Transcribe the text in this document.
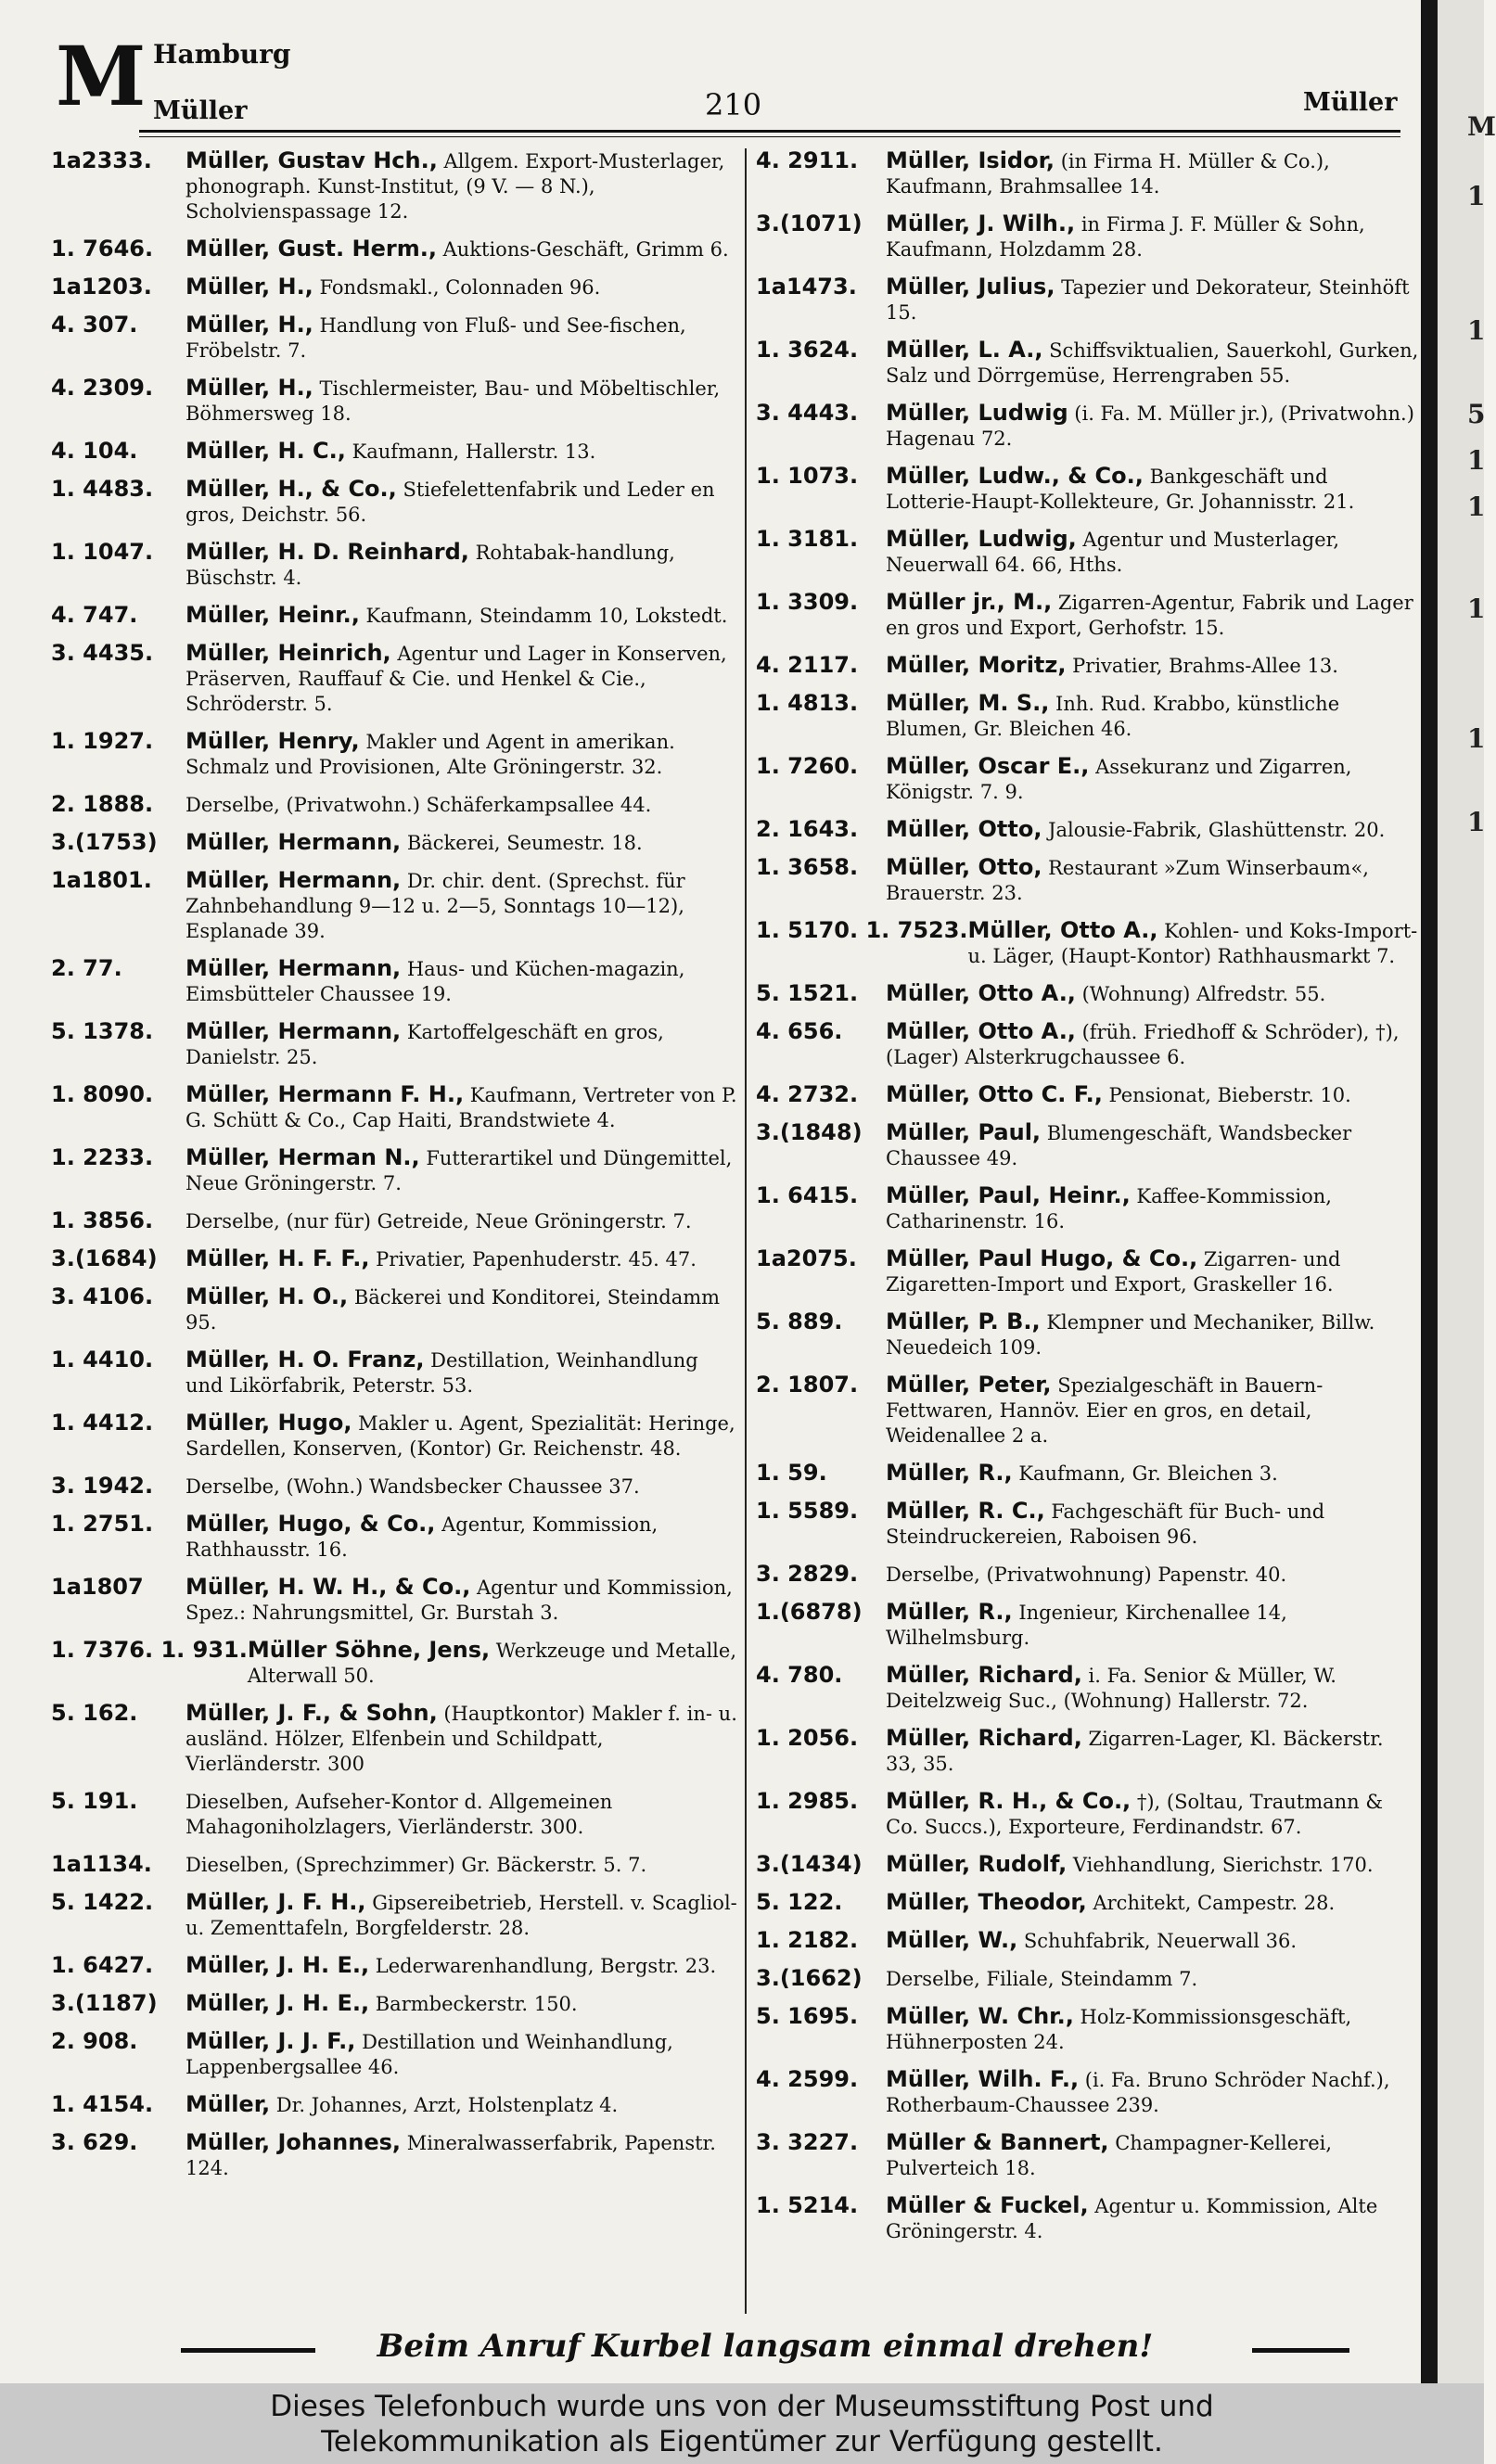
M Hamburg
Müller	210	Müller
1a2333.	Müller, Gustav Hch., Allgem. Export-Musterlager, phonograph. Kunst-Institut, (9 V. — 8 N.), Scholvienspassage 12.
1. 7646.	Müller, Gust. Herm., Auktions-Geschäft, Grimm 6.
1a1203.	Müller, H., Fondsmakl., Colonnaden 96.
4. 307.	Müller, H., Handlung von Fluß- und See-fischen, Fröbelstr. 7.
4. 2309.	Müller, H., Tischlermeister, Bau- und Möbeltischler, Böhmersweg 18.
4. 104.	Müller, H. C., Kaufmann, Hallerstr. 13.
1. 4483.	Müller, H., & Co., Stiefelettenfabrik und Leder en gros, Deichstr. 56.
1. 1047.	Müller, H. D. Reinhard, Rohtabak-handlung, Büschstr. 4.
4. 747.	Müller, Heinr., Kaufmann, Steindamm 10, Lokstedt.
3. 4435.	Müller, Heinrich, Agentur und Lager in Konserven, Präserven, Rauffauf & Cie. und Henkel & Cie., Schröderstr. 5.
1. 1927.	Müller, Henry, Makler und Agent in amerikan. Schmalz und Provisionen, Alte Gröningerstr. 32.
2. 1888.	Derselbe, (Privatwohn.) Schäferkampsallee 44.
3.(1753)	Müller, Hermann, Bäckerei, Seumestr. 18.
1a1801.	Müller, Hermann, Dr. chir. dent. (Sprechst. für Zahnbehandlung 9—12 u. 2—5, Sonntags 10—12), Esplanade 39.
2. 77.	Müller, Hermann, Haus- und Küchen-magazin, Eimsbütteler Chaussee 19.
5. 1378.	Müller, Hermann, Kartoffelgeschäft en gros, Danielstr. 25.
1. 8090.	Müller, Hermann F. H., Kaufmann, Vertreter von P. G. Schütt & Co., Cap Haiti, Brandstwiete 4.
1. 2233.	Müller, Herman N., Futterartikel und Düngemittel, Neue Gröningerstr. 7.
1. 3856.	Derselbe, (nur für) Getreide, Neue Gröningerstr. 7.
3.(1684)	Müller, H. F. F., Privatier, Papenhuderstr. 45. 47.
3. 4106.	Müller, H. O., Bäckerei und Konditorei, Steindamm 95.
1. 4410.	Müller, H. O. Franz, Destillation, Weinhandlung und Likörfabrik, Peterstr. 53.
1. 4412.	Müller, Hugo, Makler u. Agent, Spezialität: Heringe, Sardellen, Konserven, (Kontor) Gr. Reichenstr. 48.
3. 1942.	Derselbe, (Wohn.) Wandsbecker Chaussee 37.
1. 2751.	Müller, Hugo, & Co., Agentur, Kommission, Rathhausstr. 16.
1a1807	Müller, H. W. H., & Co., Agentur und Kommission, Spez.: Nahrungsmittel, Gr. Burstah 3.
1. 7376. 1. 931. Müller Söhne, Jens, Werkzeuge und Metalle, Alterwall 50.
5. 162.	Müller, J. F., & Sohn, (Hauptkontor) Makler f. in- u. ausländ. Hölzer, Elfenbein und Schildpatt, Vierländerstr. 300
5. 191.	Dieselben, Aufseher-Kontor d. Allgemeinen Mahagoniholzlagers, Vierländerstr. 300.
1a1134.	Dieselben, (Sprechzimmer) Gr. Bäckerstr. 5. 7.
5. 1422.	Müller, J. F. H., Gipsereibetrieb, Herstell. v. Scagliol- u. Zementtafeln, Borgfelderstr. 28.
1. 6427.	Müller, J. H. E., Lederwarenhandlung, Bergstr. 23.
3.(1187)	Müller, J. H. E., Barmbeckerstr. 150.
2. 908.	Müller, J. J. F., Destillation und Weinhandlung, Lappenbergsallee 46.
1. 4154.	Müller, Dr. Johannes, Arzt, Holstenplatz 4.
3. 629.	Müller, Johannes, Mineralwasserfabrik, Papenstr. 124.
4. 2911.	Müller, Isidor, (in Firma H. Müller & Co.), Kaufmann, Brahmsallee 14.
3.(1071)	Müller, J. Wilh., in Firma J. F. Müller & Sohn, Kaufmann, Holzdamm 28.
1a1473.	Müller, Julius, Tapezier und Dekorateur, Steinhöft 15.
1. 3624.	Müller, L. A., Schiffsviktualien, Sauerkohl, Gurken, Salz und Dörrgemüse, Herrengraben 55.
3. 4443.	Müller, Ludwig (i. Fa. M. Müller jr.), (Privatwohn.) Hagenau 72.
1. 1073.	Müller, Ludw., & Co., Bankgeschäft und Lotterie-Haupt-Kollekteure, Gr. Johannisstr. 21.
1. 3181.	Müller, Ludwig, Agentur und Musterlager, Neuerwall 64. 66, Hths.
1. 3309.	Müller jr., M., Zigarren-Agentur, Fabrik und Lager en gros und Export, Gerhofstr. 15.
4. 2117.	Müller, Moritz, Privatier, Brahms-Allee 13.
1. 4813.	Müller, M. S., Inh. Rud. Krabbo, künstliche Blumen, Gr. Bleichen 46.
1. 7260.	Müller, Oscar E., Assekuranz und Zigarren, Königstr. 7. 9.
2. 1643.	Müller, Otto, Jalousie-Fabrik, Glashüttenstr. 20.
1. 3658.	Müller, Otto, Restaurant »Zum Winserbaum«, Brauerstr. 23.
1. 5170. 1. 7523. Müller, Otto A., Kohlen- und Koks-Import- u. Läger, (Haupt-Kontor) Rathhausmarkt 7.
5. 1521.	Müller, Otto A., (Wohnung) Alfredstr. 55.
4. 656.	Müller, Otto A., (früh. Friedhoff & Schröder), †), (Lager) Alsterkrugchaussee 6.
4. 2732.	Müller, Otto C. F., Pensionat, Bieberstr. 10.
3.(1848)	Müller, Paul, Blumengeschäft, Wandsbecker Chaussee 49.
1. 6415.	Müller, Paul, Heinr., Kaffee-Kommission, Catharinenstr. 16.
1a2075.	Müller, Paul Hugo, & Co., Zigarren- und Zigaretten-Import und Export, Graskeller 16.
5. 889.	Müller, P. B., Klempner und Mechaniker, Billw. Neuedeich 109.
2. 1807.	Müller, Peter, Spezialgeschäft in Bauern-Fettwaren, Hannöv. Eier en gros, en detail, Weidenallee 2 a.
1. 59.	Müller, R., Kaufmann, Gr. Bleichen 3.
1. 5589.	Müller, R. C., Fachgeschäft für Buch- und Steindruckereien, Raboisen 96.
3. 2829.	Derselbe, (Privatwohnung) Papenstr. 40.
1.(6878)	Müller, R., Ingenieur, Kirchenallee 14, Wilhelmsburg.
4. 780.	Müller, Richard, i. Fa. Senior & Müller, W. Deitelzweig Suc., (Wohnung) Hallerstr. 72.
1. 2056.	Müller, Richard, Zigarren-Lager, Kl. Bäckerstr. 33, 35.
1. 2985.	Müller, R. H., & Co., †), (Soltau, Trautmann & Co. Succs.), Exporteure, Ferdinandstr. 67.
3.(1434)	Müller, Rudolf, Viehhandlung, Sierichstr. 170.
5. 122.	Müller, Theodor, Architekt, Campestr. 28.
1. 2182.	Müller, W., Schuhfabrik, Neuerwall 36.
3.(1662)	Derselbe, Filiale, Steindamm 7.
5. 1695.	Müller, W. Chr., Holz-Kommissionsgeschäft, Hühnerposten 24.
4. 2599.	Müller, Wilh. F., (i. Fa. Bruno Schröder Nachf.), Rotherbaum-Chaussee 239.
3. 3227.	Müller & Bannert, Champagner-Kellerei, Pulverteich 18.
1. 5214.	Müller & Fuckel, Agentur u. Kommission, Alte Gröningerstr. 4.
Beim Anruf Kurbel langsam einmal drehen!
M
1
1
5
1
1
1
1
1
Dieses Telefonbuch wurde uns von der Museumsstiftung Post und
Telekommunikation als Eigentümer zur Verfügung gestellt.
